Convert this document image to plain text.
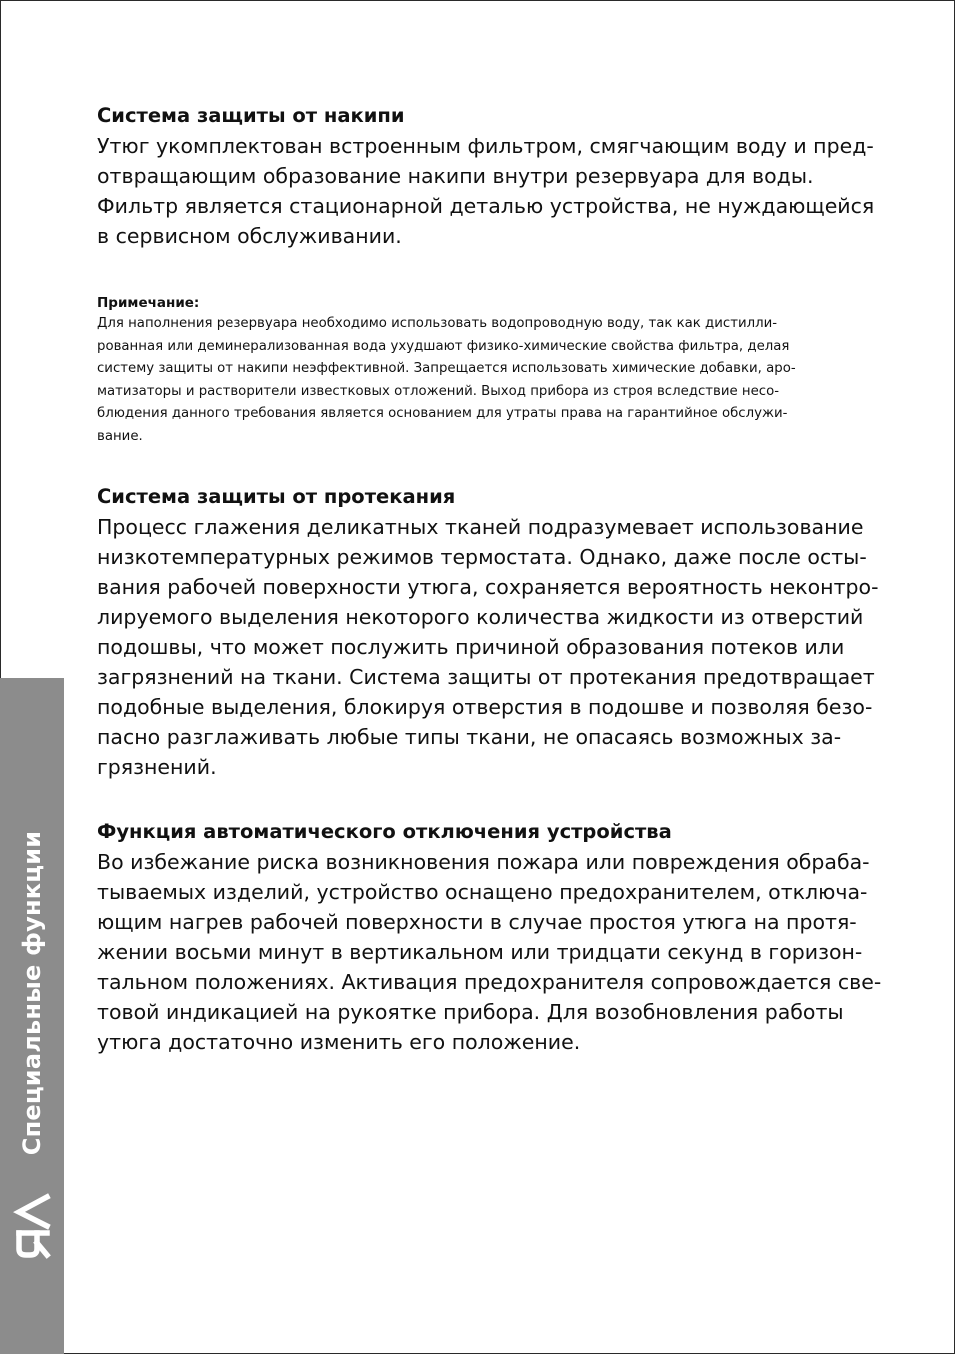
Специальные функции
Система защиты от накипи

Утюг укомплектован встроенным фильтром, смягчающим воду и пред-
отвращающим образование накипи внутри резервуара для воды.
Фильтр является стационарной деталью устройства, не нуждающейся
в сервисном обслуживании.

Примечание:

Для наполнения резервуара необходимо использовать водопроводную воду, так как дистилли-
рованная или деминерализованная вода ухудшают физико-химические свойства фильтра, делая
систему защиты от накипи неэффективной. Запрещается использовать химические добавки, аро-
матизаторы и растворители известковых отложений. Выход прибора из строя вследствие несо-
блюдения данного требования является основанием для утраты права на гарантийное обслужи-
вание.

Система защиты от протекания

Процесс глажения деликатных тканей подразумевает использование
низкотемпературных режимов термостата. Однако, даже после осты-
вания рабочей поверхности утюга, сохраняется вероятность неконтро-
лируемого выделения некоторого количества жидкости из отверстий
подошвы, что может послужить причиной образования потеков или
загрязнений на ткани. Система защиты от протекания предотвращает
подобные выделения, блокируя отверстия в подошве и позволяя безо-
пасно разглаживать любые типы ткани, не опасаясь возможных за-
грязнений.

Функция автоматического отключения устройства

Во избежание риска возникновения пожара или повреждения обраба-
тываемых изделий, устройство оснащено предохранителем, отключа-
ющим нагрев рабочей поверхности в случае простоя утюга на протя-
жении восьми минут в вертикальном или тридцати секунд в горизон-
тальном положениях. Активация предохранителя сопровождается све-
товой индикацией на рукоятке прибора. Для возобновления работы
утюга достаточно изменить его положение.
